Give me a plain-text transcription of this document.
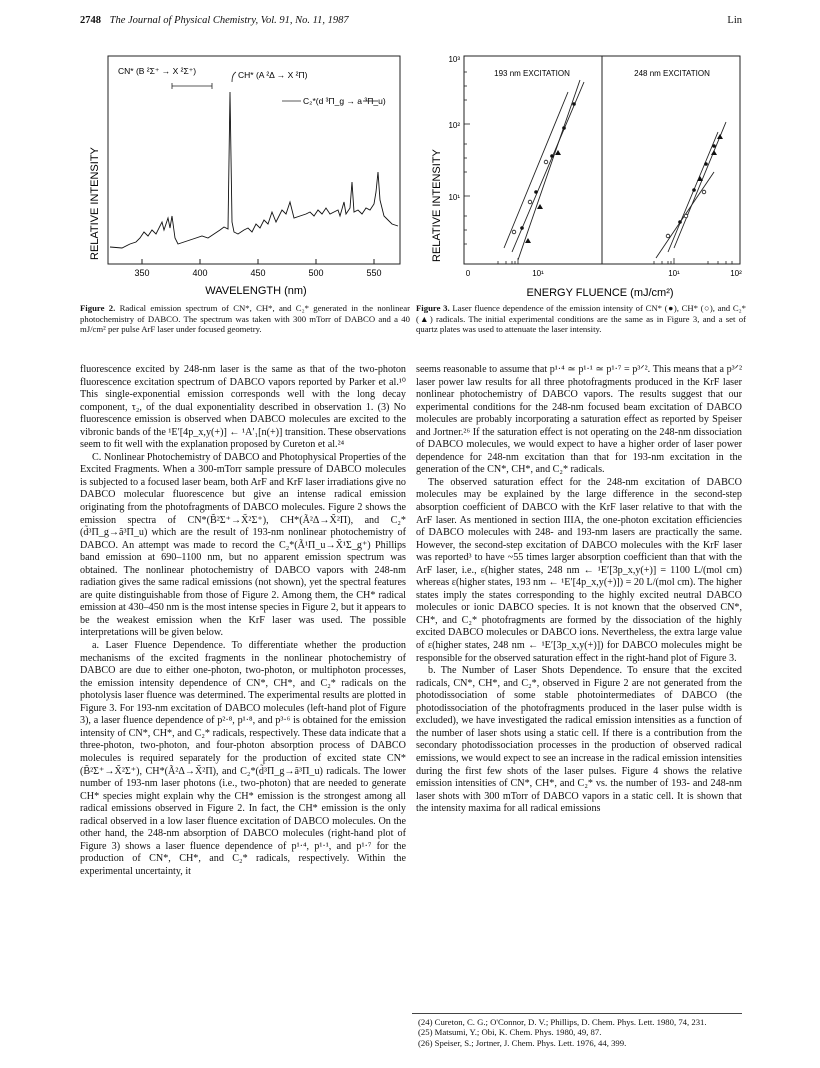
2748 The Journal of Physical Chemistry, Vol. 91, No. 11, 1987	Lin
RELATIVE INTENSITY
350	400	450	500	550
WAVELENGTH (nm)
CN* (B ²Σ⁺ → X ²Σ⁺)	CH* (A ²Δ → X ²Π)
C₂*(d ³Π_g → a ³Π_u)
Figure 2. Radical emission spectrum of CN*, CH*, and C₂* generated in the nonlinear photochemistry of DABCO. The spectrum was taken with 300 mTorr of DABCO and a 40 mJ/cm² per pulse ArF laser under focused geometry.
RELATIVE INTENSITY
10³
10²
10¹
0	10¹	10¹	10²
ENERGY FLUENCE (mJ/cm²)
193 nm EXCITATION	248 nm EXCITATION
Figure 3. Laser fluence dependence of the emission intensity of CN* (●), CH* (○), and C₂*(▲) radicals. The initial experimental conditions are the same as in Figure 3, and a set of quartz plates was used to attenuate the laser intensity.

fluorescence excited by 248-nm laser is the same as that of the two-photon fluorescence excitation spectrum of DABCO vapors reported by Parker et al.¹⁰ This single-exponential emission corresponds well with the long decay component, τ₂, of the dual exponentiality described in observation 1. (3) No fluorescence emission is observed when DABCO molecules are excited to the vibronic bands of the ¹E′[4p_x,y(+)] ← ¹A′₁[n(+)] transition. These observations seem to fit well with the explanation proposed by Cureton et al.²⁴

C. Nonlinear Photochemistry of DABCO and Photophysical Properties of the Excited Fragments. When a 300-mTorr sample pressure of DABCO molecules is subjected to a focused laser beam, both ArF and KrF laser irradiations give no DABCO molecular fluorescence but give an intense radical emission originating from the photofragments of DABCO molecules. Figure 2 shows the emission spectra of CN*(B̃²Σ⁺→X̃²Σ⁺), CH*(Ã²Δ→X̃²Π), and C₂*(d̃³Π_g→ã³Π_u) which are the result of 193-nm nonlinear photochemistry of DABCO. An attempt was made to record the C₂*(Ã¹Π_u→X̃¹Σ_g⁺) Phillips band emission at 690–1100 nm, but no apparent emission spectrum was obtained. The nonlinear photochemistry of DABCO vapors with 248-nm radiation gives the same radical emissions (not shown), yet the spectral features are quite distinguishable from those of Figure 2. Among them, the CH* radical emission at 430–450 nm is the most intense species in Figure 2, but it appears to be the weakest emission when the KrF laser was used. The possible interpretations will be given below.

a. Laser Fluence Dependence. To differentiate whether the production mechanisms of the excited fragments in the nonlinear photochemistry of DABCO are due to either one-photon, two-photon, or multiphoton processes, the emission intensity dependence of CN*, CH*, and C₂* radicals on the photolysis laser fluence was determined. The experimental results are plotted in Figure 3. For 193-nm excitation of DABCO molecules (left-hand plot of Figure 3), a laser fluence dependence of p²·⁸, p¹·⁸, and p³·⁶ is obtained for the emission intensity of CN*, CH*, and C₂* radicals, respectively. These data indicate that a three-photon, two-photon, and four-photon absorption process of DABCO molecules is required separately for the production of excited state CN*(B̃²Σ⁺→X̃²Σ⁺), CH*(Ã²Δ→X̃²Π), and C₂*(d̃³Π_g→ã³Π_u) radicals. The lower number of 193-nm laser photons (i.e., two-photon) that are needed to generate CH* species might explain why the CH* emission is the strongest among all radical emissions observed in Figure 2. In fact, the CH* emission is the only radical observed in a low laser fluence excitation of DABCO molecules. On the other hand, the 248-nm absorption of DABCO molecules (right-hand plot of Figure 3) shows a laser fluence dependence of p¹·⁴, p¹·¹, and p¹·⁷ for the production of CN*, CH*, and C₂* radicals, respectively. Within the experimental uncertainty, it

seems reasonable to assume that p¹·⁴ ≃ p¹·¹ ≃ p¹·⁷ = p³ᐟ². This means that a p³ᐟ² laser power law results for all three photofragments produced in the KrF laser nonlinear photochemistry of DABCO vapors. The results suggest that our experimental conditions for the 248-nm focused beam excitation of DABCO molecules are probably incorporating a saturation effect as reported by Speiser and Jortner.²⁶ If the saturation effect is not operating on the 248-nm dissociation of DABCO molecules, we would expect to have a higher order of laser power dependence for 248-nm excitation than that for 193-nm excitation in the generation of the CN*, CH*, and C₂* radicals.

The observed saturation effect for the 248-nm excitation of DABCO molecules may be explained by the large difference in the second-step absorption coefficient of DABCO with the KrF laser relative to that with the ArF laser. As mentioned in section IIIA, the one-photon excitation efficiencies of DABCO molecules with 248- and 193-nm lasers are practically the same. However, the second-step excitation of DABCO molecules with the KrF laser was reported³ to have ~55 times larger absorption coefficient than that with the ArF laser, i.e., ε(higher states, 248 nm ← ¹E′[3p_x,y(+)] = 1100 L/(mol cm) whereas ε(higher states, 193 nm ← ¹E′[4p_x,y(+)]) = 20 L/(mol cm). The higher states imply the states corresponding to the highly excited neutral DABCO molecules or ionic DABCO species. It is not known that the observed CN*, CH*, and C₂* photofragments are formed by the dissociation of the highly excited DABCO molecules or DABCO ions. Nevertheless, the extra large value of ε(higher states, 248 nm ← ¹E′[3p_x,y(+)]) for DABCO molecules might be responsible for the observed saturation effect in the right-hand plot of Figure 3.

b. The Number of Laser Shots Dependence. To ensure that the excited radicals, CN*, CH*, and C₂*, observed in Figure 2 are not generated from the photodissociation of some stable photointermediates of DABCO (the photodissociation of the photofragments produced in the laser pulse width is excluded), we have investigated the radical emission intensities as a function of the number of laser shots using a static cell. If there is a contribution from the secondary photodissociation processes in the production of observed radical emissions, we would expect to see an increase in the radical emission intensities during the first few shots of the laser pulses. Figure 4 shows the relative emission intensities of CN*, CH*, and C₂* vs. the number of 193- and 248-nm laser shots with 300 mTorr of DABCO vapors in a static cell. It is shown that the intensity maxima for all radical emissions

(24) Cureton, C. G.; O'Connor, D. V.; Phillips, D. Chem. Phys. Lett. 1980, 74, 231.

(25) Matsumi, Y.; Obi, K. Chem. Phys. 1980, 49, 87.

(26) Speiser, S.; Jortner, J. Chem. Phys. Lett. 1976, 44, 399.
